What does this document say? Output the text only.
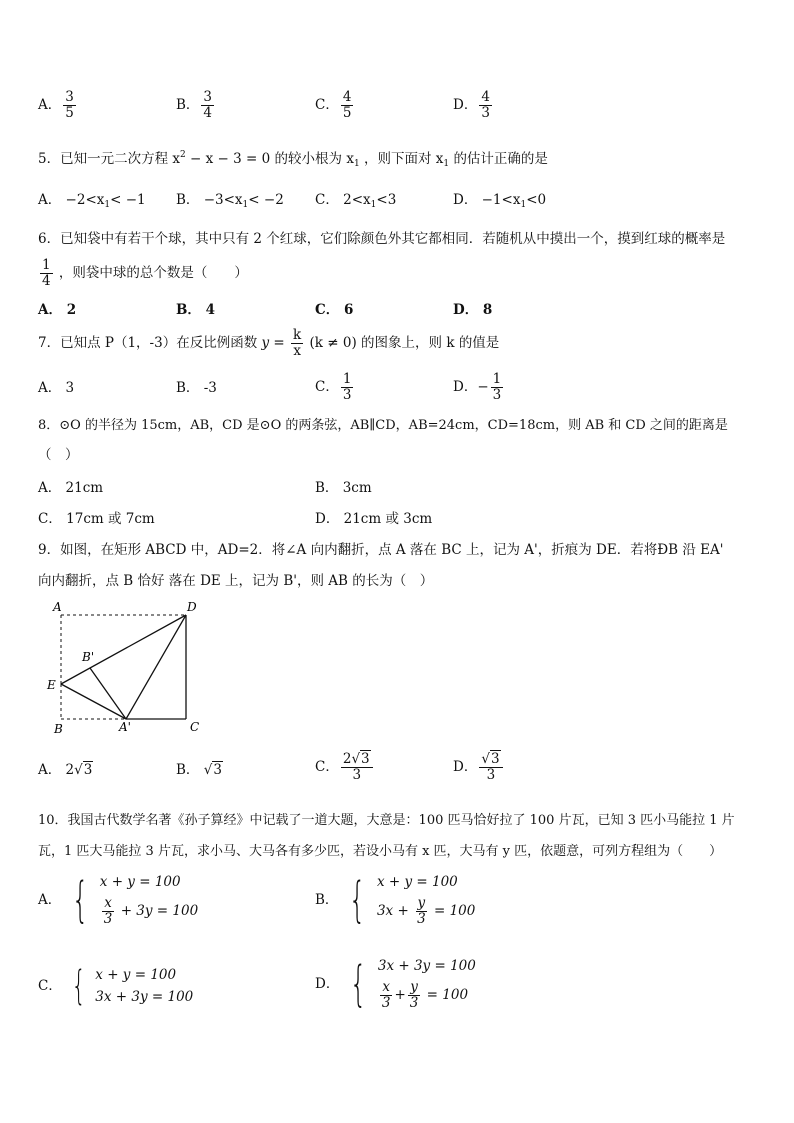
A． $\frac{3}{5}$	B． $\frac{3}{4}$	C． $\frac{4}{5}$	D． $\frac{4}{3}$
5．已知一元二次方程 $x^2 - x - 3 = 0$ 的较小根为 $x_1$ ，则下面对 $x_1$ 的估计正确的是
A． $-2<x_1< -1$ B． $-3<x_1< -2$ C． $2<x_1<3$	D． $-1<x_1<0$
6．已知袋中有若干个球，其中只有 2 个红球，它们除颜色外其它都相同．若随机从中摸出一个，摸到红球的概率是
$\frac{1}{4}$ ，则袋中球的总个数是（　　）
A． 2	B． 4	C． 6	D． 8
7．已知点 P（1，-3）在反比例函数 $y = \frac{k}{x} (k \ne 0)$ 的图象上，则 k 的值是
A． 3	B． -3	C． $\frac{1}{3}$	D． − $\frac{1}{3}$
8．⊙O 的半径为 15cm，AB，CD 是⊙O 的两条弦，AB∥CD，AB=24cm，CD=18cm，则 AB 和 CD 之间的距离是
（　）
A． 21cm	B． 3cm
C． 17cm 或 7cm	D． 21cm 或 3cm
9．如图，在矩形 ABCD 中，AD=2．将∠A 向内翻折，点 A 落在 BC 上，记为 A'，折痕为 DE．若将ÐB 沿 EA'
向内翻折，点 B 恰好 落在 DE 上，记为 B'，则 AB 的长为（　）
A	D
B'
E
B	A'	C
A． 2√3	B． √3	C． $\frac{2√3}{3}$	D． $\frac{√3}{3}$
10．我国古代数学名著《孙子算经》中记载了一道大题，大意是：100 匹马恰好拉了 100 片瓦，已知 3 匹小马能拉 1 片
瓦，1 匹大马能拉 3 片瓦，求小马、大马各有多少匹，若设小马有 x 匹，大马有 y 匹，依题意，可列方程组为（　　）
A． { x + y = 100
$\frac{x}{3} + 3y = 100$
B． { x + y = 100
$3x + \frac{y}{3} = 100$
C． { x + y = 100
3x + 3y = 100
D． { 3x + 3y = 100
$\frac{x}{3} + \frac{y}{3} = 100$
